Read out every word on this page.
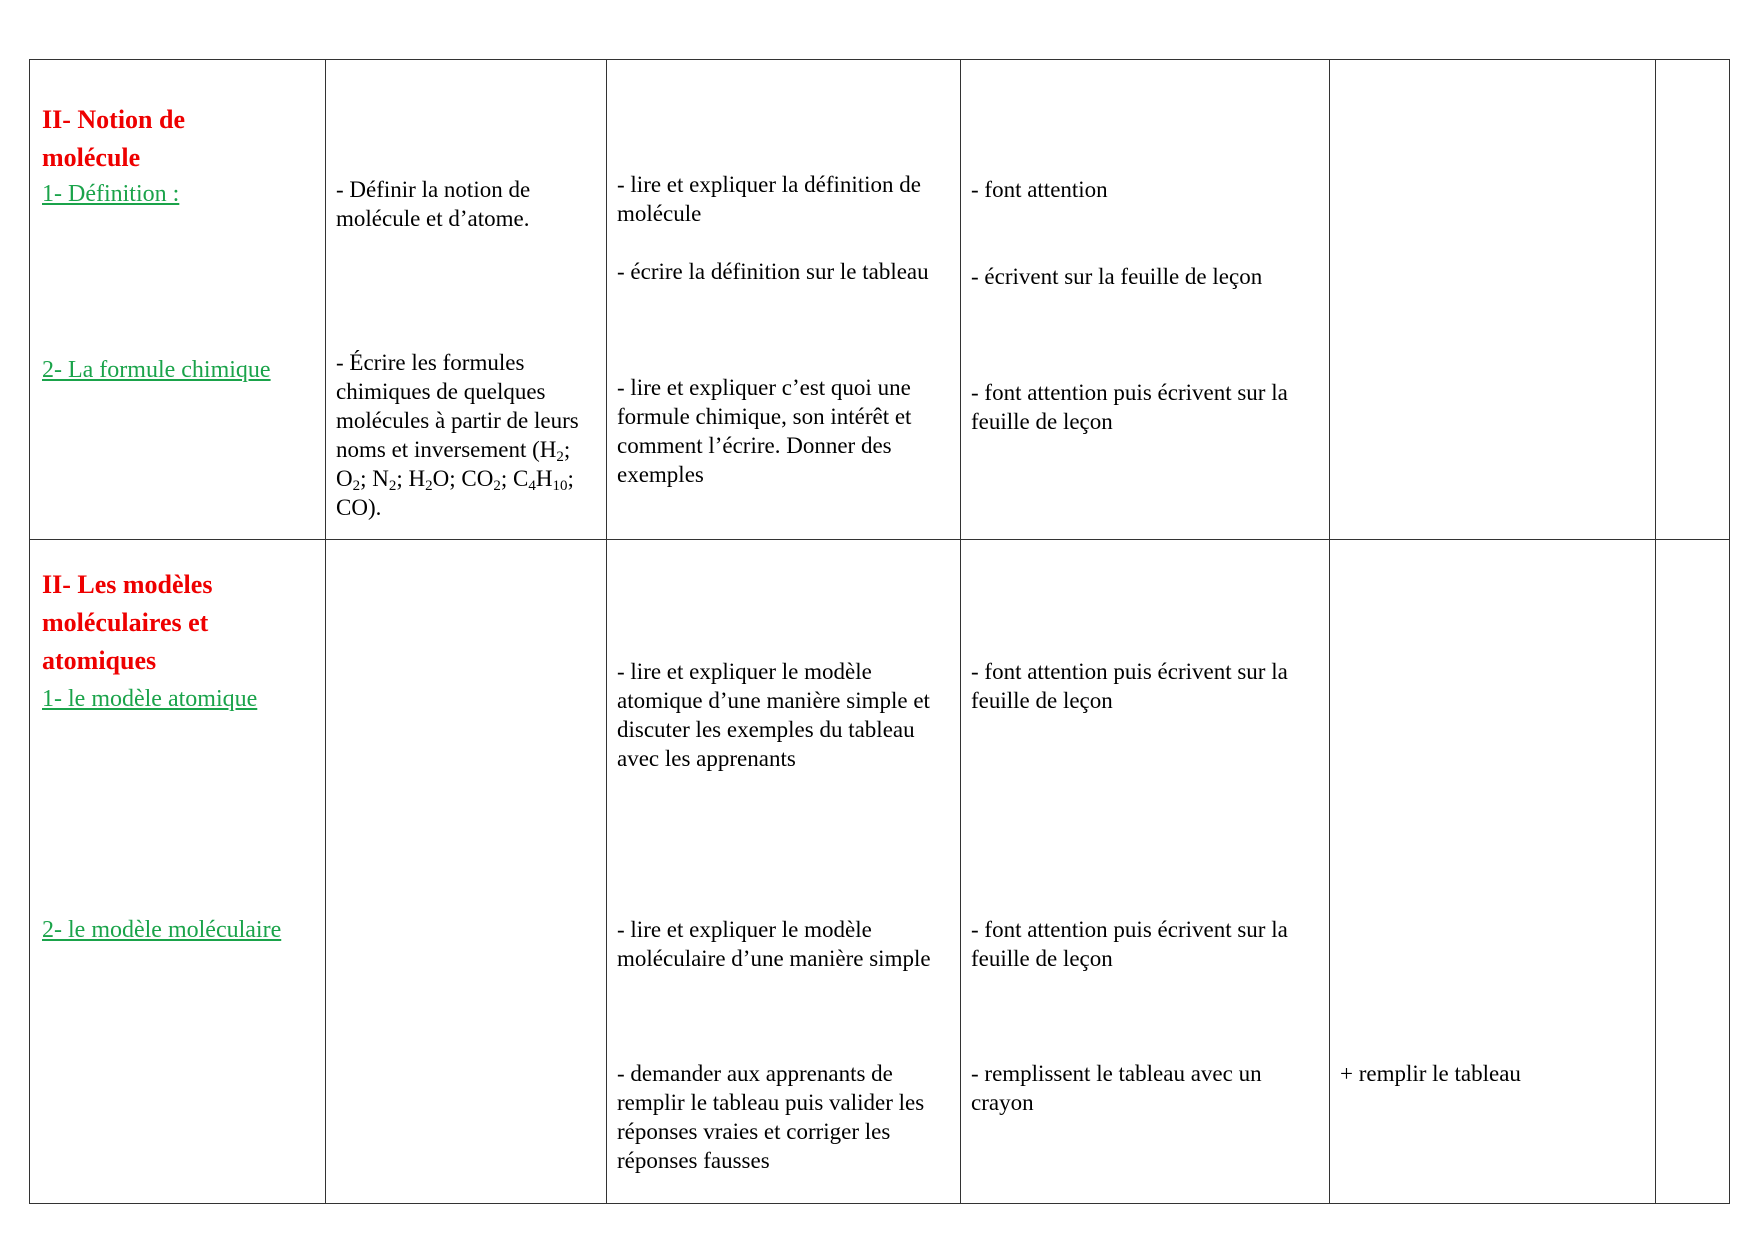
II- Notion de
molécule
1- Définition :
2- La formule chimique
- Définir la notion de molécule et d’atome.
- Écrire les formules chimiques de quelques molécules à partir de leurs noms et inversement ($H_2$; $O_2$; $N_2$; $H_2O$; $CO_2$; $C_4H_{10}$; CO).
- lire et expliquer la définition de molécule
- écrire la définition sur le tableau
- lire et expliquer c’est quoi une formule chimique, son intérêt et comment l’écrire. Donner des exemples
- font attention
- écrivent sur la feuille de leçon
- font attention puis écrivent sur la feuille de leçon
II- Les modèles
moléculaires et
atomiques
1- le modèle atomique
2- le modèle moléculaire
- lire et expliquer le modèle atomique d’une manière simple et discuter les exemples du tableau avec les apprenants
- lire et expliquer le modèle moléculaire d’une manière simple
- demander aux apprenants de remplir le tableau puis valider les réponses vraies et corriger les réponses fausses
- font attention puis écrivent sur la feuille de leçon
- font attention puis écrivent sur la feuille de leçon
- remplissent le tableau avec un crayon
+ remplir le tableau
